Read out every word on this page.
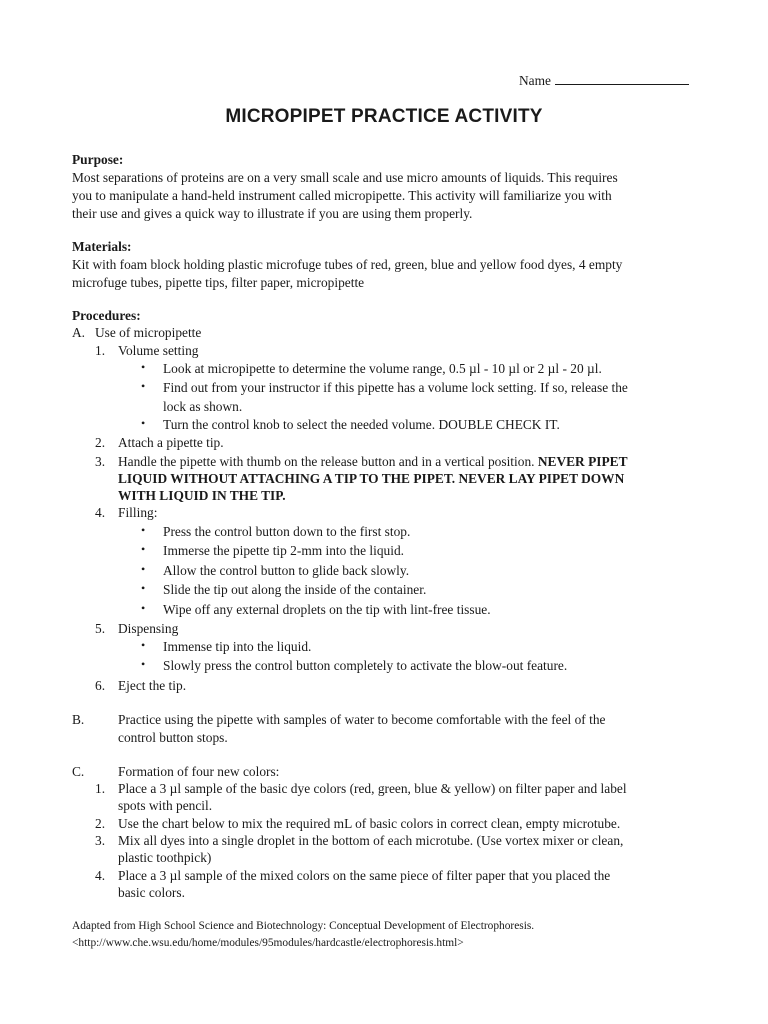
Name
MICROPIPET PRACTICE ACTIVITY
Purpose:
Most separations of proteins are on a very small scale and use micro amounts of liquids. This requires
you to manipulate a hand-held instrument called micropipette. This activity will familiarize you with
their use and gives a quick way to illustrate if you are using them properly.
Materials:
Kit with foam block holding plastic microfuge tubes of red, green, blue and yellow food dyes, 4 empty
microfuge tubes, pipette tips, filter paper, micropipette
Procedures:
A. Use of micropipette
1. Volume setting
• Look at micropipette to determine the volume range, 0.5 µl - 10 µl or 2 µl - 20 µl.
• Find out from your instructor if this pipette has a volume lock setting. If so, release the
lock as shown.
• Turn the control knob to select the needed volume. DOUBLE CHECK IT.
2. Attach a pipette tip.
3. Handle the pipette with thumb on the release button and in a vertical position. NEVER PIPET
LIQUID WITHOUT ATTACHING A TIP TO THE PIPET. NEVER LAY PIPET DOWN
WITH LIQUID IN THE TIP.
4. Filling:
• Press the control button down to the first stop.
• Immerse the pipette tip 2-mm into the liquid.
• Allow the control button to glide back slowly.
• Slide the tip out along the inside of the container.
• Wipe off any external droplets on the tip with lint-free tissue.
5. Dispensing
• Immense tip into the liquid.
• Slowly press the control button completely to activate the blow-out feature.
6. Eject the tip.
B.	Practice using the pipette with samples of water to become comfortable with the feel of the
control button stops.
C.	Formation of four new colors:
1. Place a 3 µl sample of the basic dye colors (red, green, blue & yellow) on filter paper and label
spots with pencil.
2. Use the chart below to mix the required mL of basic colors in correct clean, empty microtube.
3. Mix all dyes into a single droplet in the bottom of each microtube. (Use vortex mixer or clean,
plastic toothpick)
4. Place a 3 µl sample of the mixed colors on the same piece of filter paper that you placed the
basic colors.
Adapted from High School Science and Biotechnology: Conceptual Development of Electrophoresis.
<http://www.che.wsu.edu/home/modules/95modules/hardcastle/electrophoresis.html>
